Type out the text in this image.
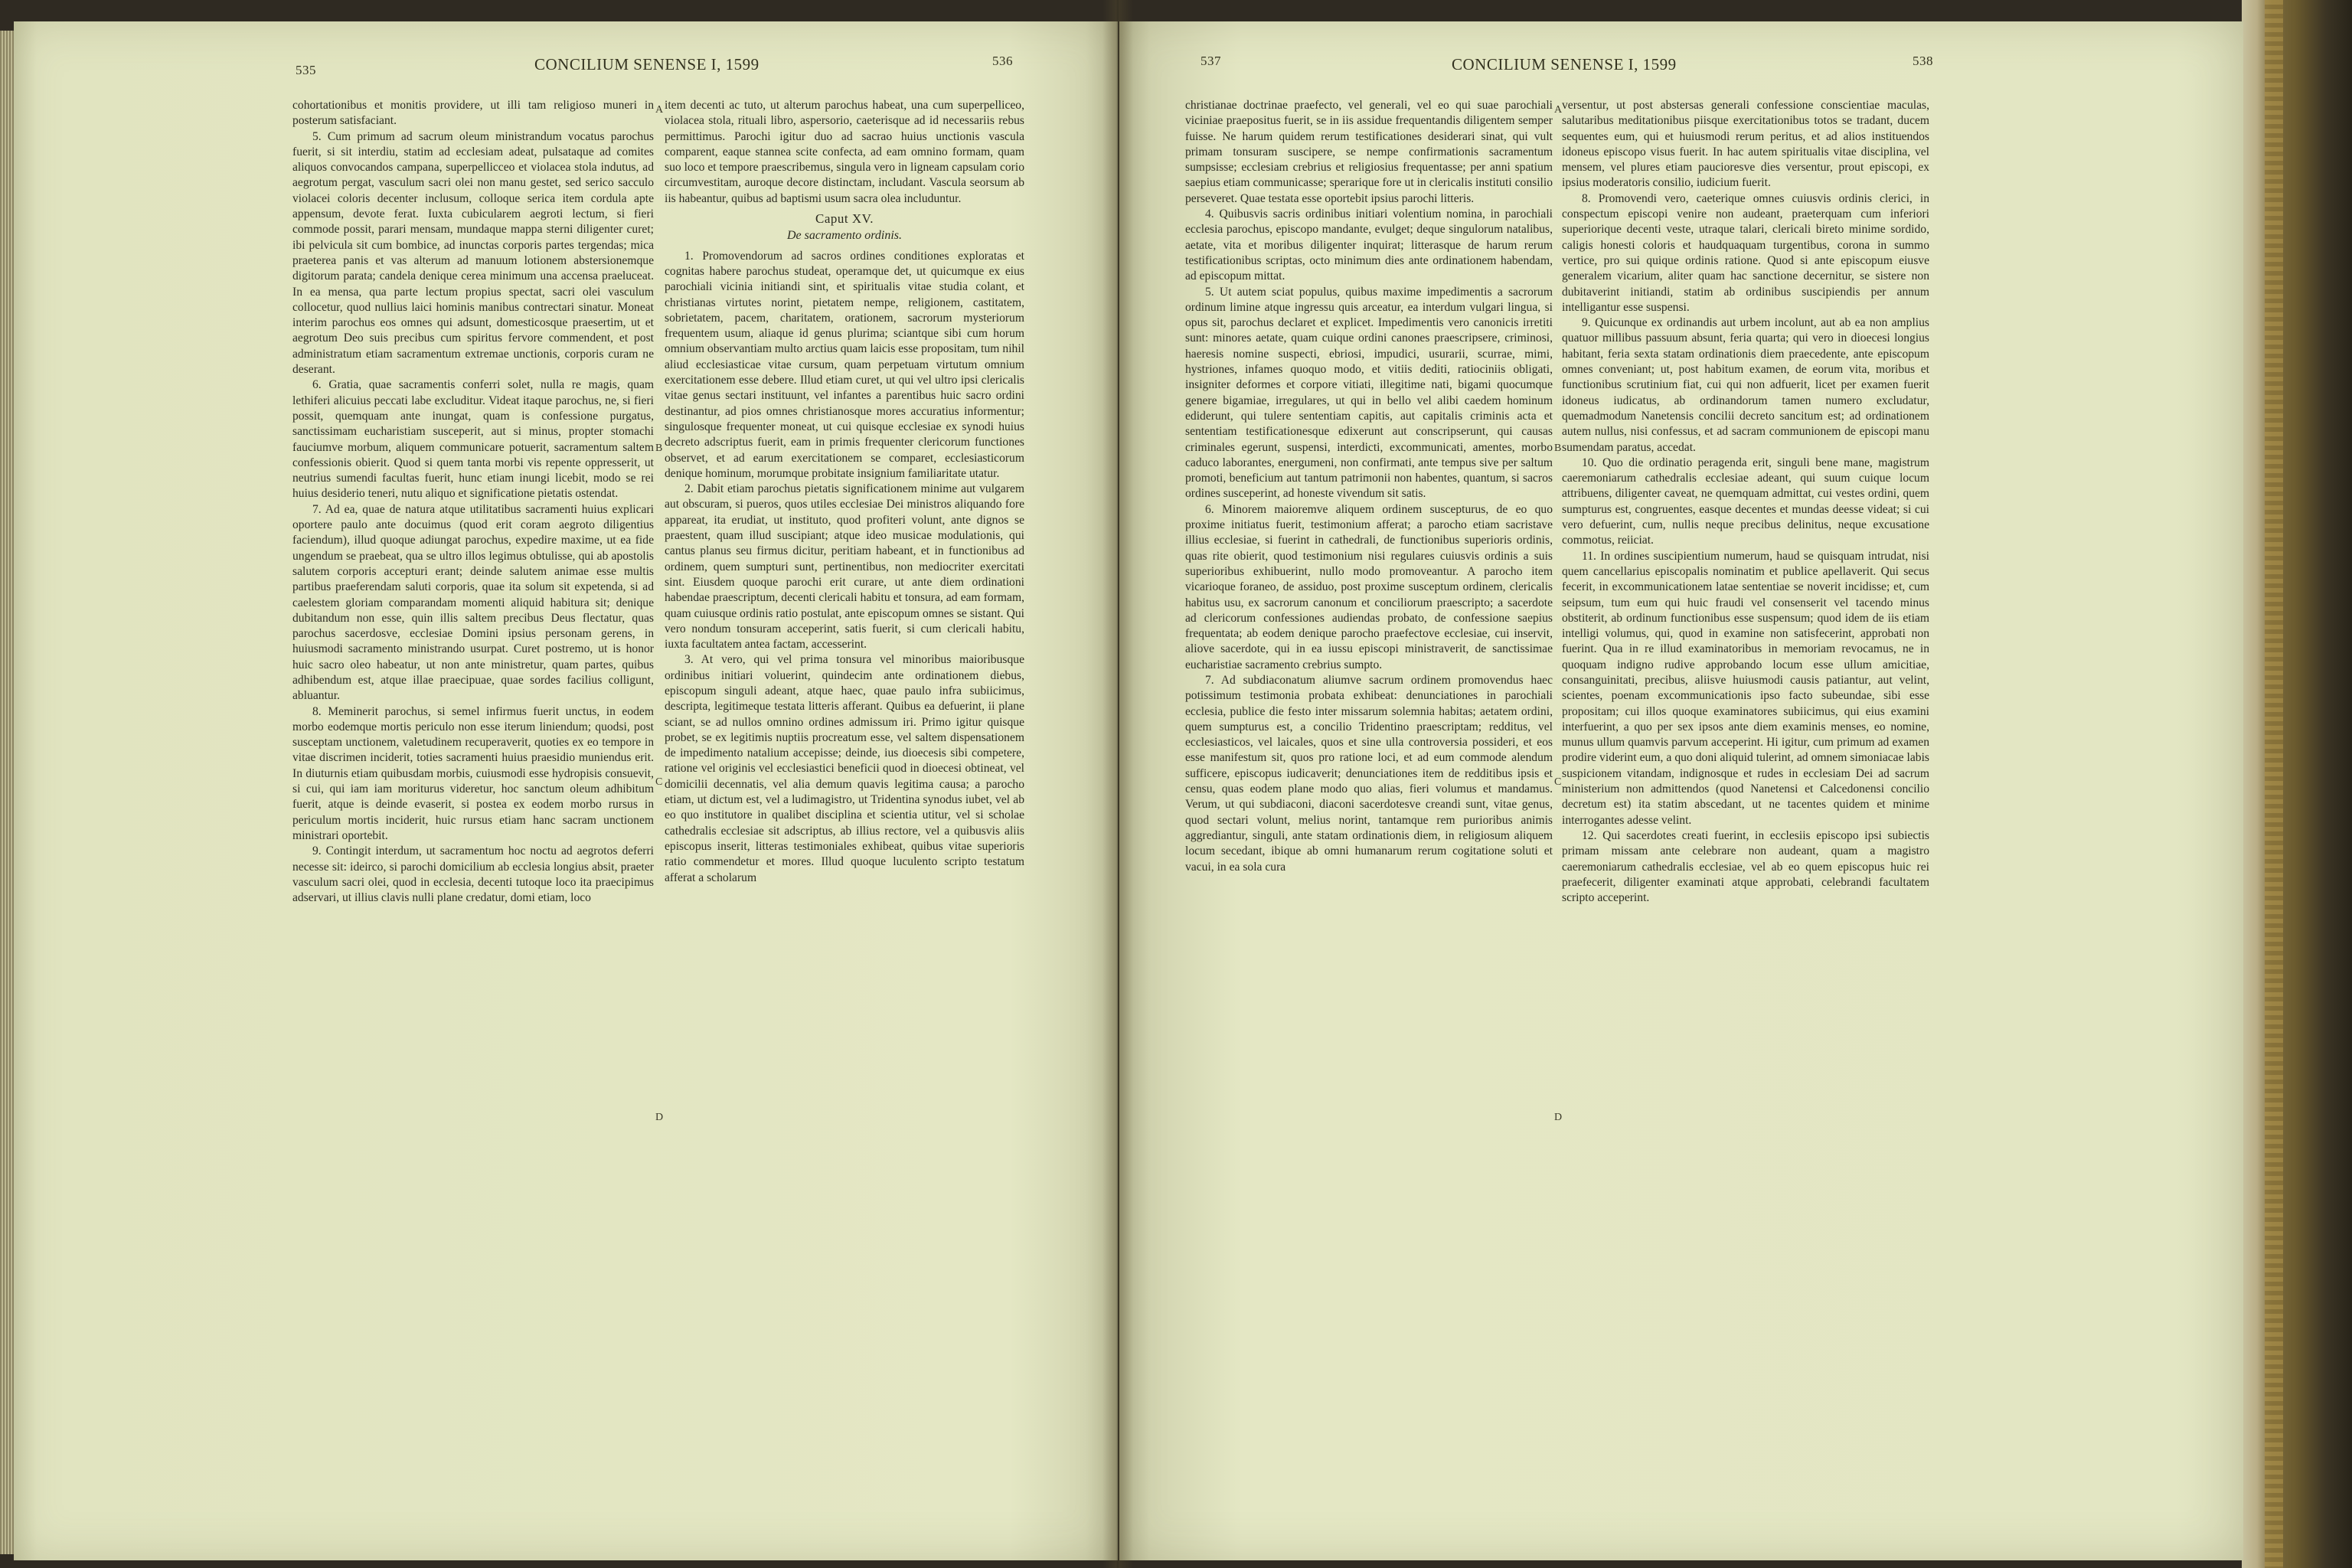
535	CONCILIUM SENENSE I, 1599	536	537	CONCILIUM SENENSE I, 1599	538

cohortationibus et monitis providere, ut illi tam religioso muneri in posterum satisfaciant.

5. Cum primum ad sacrum oleum ministrandum vocatus parochus fuerit, si sit interdiu, statim ad ecclesiam adeat, pulsataque ad comites aliquos convocandos campana, superpellicceo et violacea stola indutus, ad aegrotum pergat, vasculum sacri olei non manu gestet, sed serico sacculo violacei coloris decenter inclusum, colloque serica item cordula apte appensum, devote ferat. Iuxta cubicularem aegroti lectum, si fieri commode possit, parari mensam, mundaque mappa sterni diligenter curet; ibi pelvicula sit cum bombice, ad inunctas corporis partes tergendas; mica praeterea panis et vas alterum ad manuum lotionem abstersionemque digitorum parata; candela denique cerea minimum una accensa praeluceat. In ea mensa, qua parte lectum propius spectat, sacri olei vasculum collocetur, quod nullius laici hominis manibus contrectari sinatur. Moneat interim parochus eos omnes qui adsunt, domesticosque praesertim, ut et aegrotum Deo suis precibus cum spiritus fervore commendent, et post administratum etiam sacramentum extremae unctionis, corporis curam ne deserant.

6. Gratia, quae sacramentis conferri solet, nulla re magis, quam lethiferi alicuius peccati labe excluditur. Videat itaque parochus, ne, si fieri possit, quemquam ante inungat, quam is confessione purgatus, sanctissimam eucharistiam susceperit, aut si minus, propter stomachi fauciumve morbum, aliquem communicare potuerit, sacramentum saltem confessionis obierit. Quod si quem tanta morbi vis repente oppresserit, ut neutrius sumendi facultas fuerit, hunc etiam inungi licebit, modo se rei huius desiderio teneri, nutu aliquo et significatione pietatis ostendat.

7. Ad ea, quae de natura atque utilitatibus sacramenti huius explicari oportere paulo ante docuimus (quod erit coram aegroto diligentius faciendum), illud quoque adiungat parochus, expedire maxime, ut ea fide ungendum se praebeat, qua se ultro illos legimus obtulisse, qui ab apostolis salutem corporis accepturi erant; deinde salutem animae esse multis partibus praeferendam saluti corporis, quae ita solum sit expetenda, si ad caelestem gloriam comparandam momenti aliquid habitura sit; denique dubitandum non esse, quin illis saltem precibus Deus flectatur, quas parochus sacerdosve, ecclesiae Domini ipsius personam gerens, in huiusmodi sacramento ministrando usurpat. Curet postremo, ut is honor huic sacro oleo habeatur, ut non ante ministretur, quam partes, quibus adhibendum est, atque illae praecipuae, quae sordes facilius colligunt, abluantur.

8. Meminerit parochus, si semel infirmus fuerit unctus, in eodem morbo eodemque mortis periculo non esse iterum liniendum; quodsi, post susceptam unctionem, valetudinem recuperaverit, quoties ex eo tempore in vitae discrimen inciderit, toties sacramenti huius praesidio muniendus erit. In diuturnis etiam quibusdam morbis, cuiusmodi esse hydropisis consuevit, si cui, qui iam iam moriturus videretur, hoc sanctum oleum adhibitum fuerit, atque is deinde evaserit, si postea ex eodem morbo rursus in periculum mortis inciderit, huic rursus etiam hanc sacram unctionem ministrari oportebit.

9. Contingit interdum, ut sacramentum hoc noctu ad aegrotos deferri necesse sit: ideirco, si parochi domicilium ab ecclesia longius absit, praeter vasculum sacri olei, quod in ecclesia, decenti tutoque loco ita praecipimus adservari, ut illius clavis nulli plane credatur, domi etiam, loco

item decenti ac tuto, ut alterum parochus habeat, una cum superpelliceo, violacea stola, rituali libro, aspersorio, caeterisque ad id necessariis rebus permittimus. Parochi igitur duo ad sacrao huius unctionis vascula comparent, eaque stannea scite confecta, ad eam omnino formam, quam suo loco et tempore praescribemus, singula vero in ligneam capsulam corio circumvestitam, auroque decore distinctam, includant. Vascula seorsum ab iis habeantur, quibus ad baptismi usum sacra olea includuntur.

Caput XV.
De sacramento ordinis.

1. Promovendorum ad sacros ordines conditiones exploratas et cognitas habere parochus studeat, operamque det, ut quicumque ex eius parochiali vicinia initiandi sint, et spiritualis vitae studia colant, et christianas virtutes norint, pietatem nempe, religionem, castitatem, sobrietatem, pacem, charitatem, orationem, sacrorum mysteriorum frequentem usum, aliaque id genus plurima; sciantque sibi cum horum omnium observantiam multo arctius quam laicis esse propositam, tum nihil aliud ecclesiasticae vitae cursum, quam perpetuam virtutum omnium exercitationem esse debere. Illud etiam curet, ut qui vel ultro ipsi clericalis vitae genus sectari instituunt, vel infantes a parentibus huic sacro ordini destinantur, ad pios omnes christianosque mores accuratius informentur; singulosque frequenter moneat, ut cui quisque ecclesiae ex synodi huius decreto adscriptus fuerit, eam in primis frequenter clericorum functiones observet, et ad earum exercitationem se comparet, ecclesiasticorum denique hominum, morumque probitate insignium familiaritate utatur.

2. Dabit etiam parochus pietatis significationem minime aut vulgarem aut obscuram, si pueros, quos utiles ecclesiae Dei ministros aliquando fore appareat, ita erudiat, ut instituto, quod profiteri volunt, ante dignos se praestent, quam illud suscipiant; atque ideo musicae modulationis, qui cantus planus seu firmus dicitur, peritiam habeant, et in functionibus ad ordinem, quem sumpturi sunt, pertinentibus, non mediocriter exercitati sint. Eiusdem quoque parochi erit curare, ut ante diem ordinationi habendae praescriptum, decenti clericali habitu et tonsura, ad eam formam, quam cuiusque ordinis ratio postulat, ante episcopum omnes se sistant. Qui vero nondum tonsuram acceperint, satis fuerit, si cum clericali habitu, iuxta facultatem antea factam, accesserint.

3. At vero, qui vel prima tonsura vel minoribus maioribusque ordinibus initiari voluerint, quindecim ante ordinationem diebus, episcopum singuli adeant, atque haec, quae paulo infra subiicimus, descripta, legitimeque testata litteris afferant. Quibus ea defuerint, ii plane sciant, se ad nullos omnino ordines admissum iri. Primo igitur quisque probet, se ex legitimis nuptiis procreatum esse, vel saltem dispensationem de impedimento natalium accepisse; deinde, ius dioecesis sibi competere, ratione vel originis vel ecclesiastici beneficii quod in dioecesi obtineat, vel domicilii decennatis, vel alia demum quavis legitima causa; a parocho etiam, ut dictum est, vel a ludimagistro, ut Tridentina synodus iubet, vel ab eo quo institutore in qualibet disciplina et scientia utitur, vel si scholae cathedralis ecclesiae sit adscriptus, ab illius rectore, vel a quibusvis aliis episcopus inserit, litteras testimoniales exhibeat, quibus vitae superioris ratio commendetur et mores. Illud quoque luculento scripto testatum afferat a scholarum

A
B
C
D

christianae doctrinae praefecto, vel generali, vel eo qui suae parochiali viciniae praepositus fuerit, se in iis assidue frequentandis diligentem semper fuisse. Ne harum quidem rerum testificationes desiderari sinat, qui vult primam tonsuram suscipere, se nempe confirmationis sacramentum sumpsisse; ecclesiam crebrius et religiosius frequentasse; per anni spatium saepius etiam communicasse; sperarique fore ut in clericalis instituti consilio perseveret. Quae testata esse oportebit ipsius parochi litteris.

4. Quibusvis sacris ordinibus initiari volentium nomina, in parochiali ecclesia parochus, episcopo mandante, evulget; deque singulorum natalibus, aetate, vita et moribus diligenter inquirat; litterasque de harum rerum testificationibus scriptas, octo minimum dies ante ordinationem habendam, ad episcopum mittat.

5. Ut autem sciat populus, quibus maxime impedimentis a sacrorum ordinum limine atque ingressu quis arceatur, ea interdum vulgari lingua, si opus sit, parochus declaret et explicet. Impedimentis vero canonicis irretiti sunt: minores aetate, quam cuique ordini canones praescripsere, criminosi, haeresis nomine suspecti, ebriosi, impudici, usurarii, scurrae, mimi, hystriones, infames quoquo modo, et vitiis dediti, ratiociniis obligati, insigniter deformes et corpore vitiati, illegitime nati, bigami quocumque genere bigamiae, irregulares, ut qui in bello vel alibi caedem hominum ediderunt, qui tulere sententiam capitis, aut capitalis criminis acta et sententiam testificationesque edixerunt aut conscripserunt, qui causas criminales egerunt, suspensi, interdicti, excommunicati, amentes, morbo caduco laborantes, energumeni, non confirmati, ante tempus sive per saltum promoti, beneficium aut tantum patrimonii non habentes, quantum, si sacros ordines susceperint, ad honeste vivendum sit satis.

6. Minorem maioremve aliquem ordinem suscepturus, de eo quo proxime initiatus fuerit, testimonium afferat; a parocho etiam sacristave illius ecclesiae, si fuerint in cathedrali, de functionibus superioris ordinis, quas rite obierit, quod testimonium nisi regulares cuiusvis ordinis a suis superioribus exhibuerint, nullo modo promoveantur. A parocho item vicarioque foraneo, de assiduo, post proxime susceptum ordinem, clericalis habitus usu, ex sacrorum canonum et conciliorum praescripto; a sacerdote ad clericorum confessiones audiendas probato, de confessione saepius frequentata; ab eodem denique parocho praefectove ecclesiae, cui inservit, aliove sacerdote, qui in ea iussu episcopi ministraverit, de sanctissimae eucharistiae sacramento crebrius sumpto.

7. Ad subdiaconatum aliumve sacrum ordinem promovendus haec potissimum testimonia probata exhibeat: denunciationes in parochiali ecclesia, publice die festo inter missarum solemnia habitas; aetatem ordini, quem sumpturus est, a concilio Tridentino praescriptam; redditus, vel ecclesiasticos, vel laicales, quos et sine ulla controversia possideri, et eos esse manifestum sit, quos pro ratione loci, et ad eum commode alendum sufficere, episcopus iudicaverit; denunciationes item de redditibus ipsis et censu, quas eodem plane modo quo alias, fieri volumus et mandamus. Verum, ut qui subdiaconi, diaconi sacerdotesve creandi sunt, vitae genus, quod sectari volunt, melius norint, tantamque rem purioribus animis aggrediantur, singuli, ante statam ordinationis diem, in religiosum aliquem locum secedant, ibique ab omni humanarum rerum cogitatione soluti et vacui, in ea sola cura

versentur, ut post abstersas generali confessione conscientiae maculas, salutaribus meditationibus piisque exercitationibus totos se tradant, ducem sequentes eum, qui et huiusmodi rerum peritus, et ad alios instituendos idoneus episcopo visus fuerit. In hac autem spiritualis vitae disciplina, vel mensem, vel plures etiam paucioresve dies versentur, prout episcopi, ex ipsius moderatoris consilio, iudicium fuerit.

8. Promovendi vero, caeterique omnes cuiusvis ordinis clerici, in conspectum episcopi venire non audeant, praeterquam cum inferiori superiorique decenti veste, utraque talari, clericali bireto minime sordido, caligis honesti coloris et haudquaquam turgentibus, corona in summo vertice, pro sui quique ordinis ratione. Quod si ante episcopum eiusve generalem vicarium, aliter quam hac sanctione decernitur, se sistere non dubitaverint initiandi, statim ab ordinibus suscipiendis per annum intelligantur esse suspensi.

9. Quicunque ex ordinandis aut urbem incolunt, aut ab ea non amplius quatuor millibus passuum absunt, feria quarta; qui vero in dioecesi longius habitant, feria sexta statam ordinationis diem praecedente, ante episcopum omnes conveniant; ut, post habitum examen, de eorum vita, moribus et functionibus scrutinium fiat, cui qui non adfuerit, licet per examen fuerit idoneus iudicatus, ab ordinandorum tamen numero excludatur, quemadmodum Nanetensis concilii decreto sancitum est; ad ordinationem autem nullus, nisi confessus, et ad sacram communionem de episcopi manu sumendam paratus, accedat.

10. Quo die ordinatio peragenda erit, singuli bene mane, magistrum caeremoniarum cathedralis ecclesiae adeant, qui suum cuique locum attribuens, diligenter caveat, ne quemquam admittat, cui vestes ordini, quem sumpturus est, congruentes, easque decentes et mundas deesse videat; si cui vero defuerint, cum, nullis neque precibus delinitus, neque excusatione commotus, reiiciat.

11. In ordines suscipientium numerum, haud se quisquam intrudat, nisi quem cancellarius episcopalis nominatim et publice apellaverit. Qui secus fecerit, in excommunicationem latae sententiae se noverit incidisse; et, cum seipsum, tum eum qui huic fraudi vel consenserit vel tacendo minus obstiterit, ab ordinum functionibus esse suspensum; quod idem de iis etiam intelligi volumus, qui, quod in examine non satisfecerint, approbati non fuerint. Qua in re illud examinatoribus in memoriam revocamus, ne in quoquam indigno rudive approbando locum esse ullum amicitiae, consanguinitati, precibus, aliisve huiusmodi causis patiantur, aut velint, scientes, poenam excommunicationis ipso facto subeundae, sibi esse propositam; cui illos quoque examinatores subiicimus, qui eius examini interfuerint, a quo per sex ipsos ante diem examinis menses, eo nomine, munus ullum quamvis parvum acceperint. Hi igitur, cum primum ad examen prodire viderint eum, a quo doni aliquid tulerint, ad omnem simoniacae labis suspicionem vitandam, indignosque et rudes in ecclesiam Dei ad sacrum ministerium non admittendos (quod Nanetensi et Calcedonensi concilio decretum est) ita statim abscedant, ut ne tacentes quidem et minime interrogantes adesse velint.

12. Qui sacerdotes creati fuerint, in ecclesiis episcopo ipsi subiectis primam missam ante celebrare non audeant, quam a magistro caeremoniarum cathedralis ecclesiae, vel ab eo quem episcopus huic rei praefecerit, diligenter examinati atque approbati, celebrandi facultatem scripto acceperint.

A
B
C
D
